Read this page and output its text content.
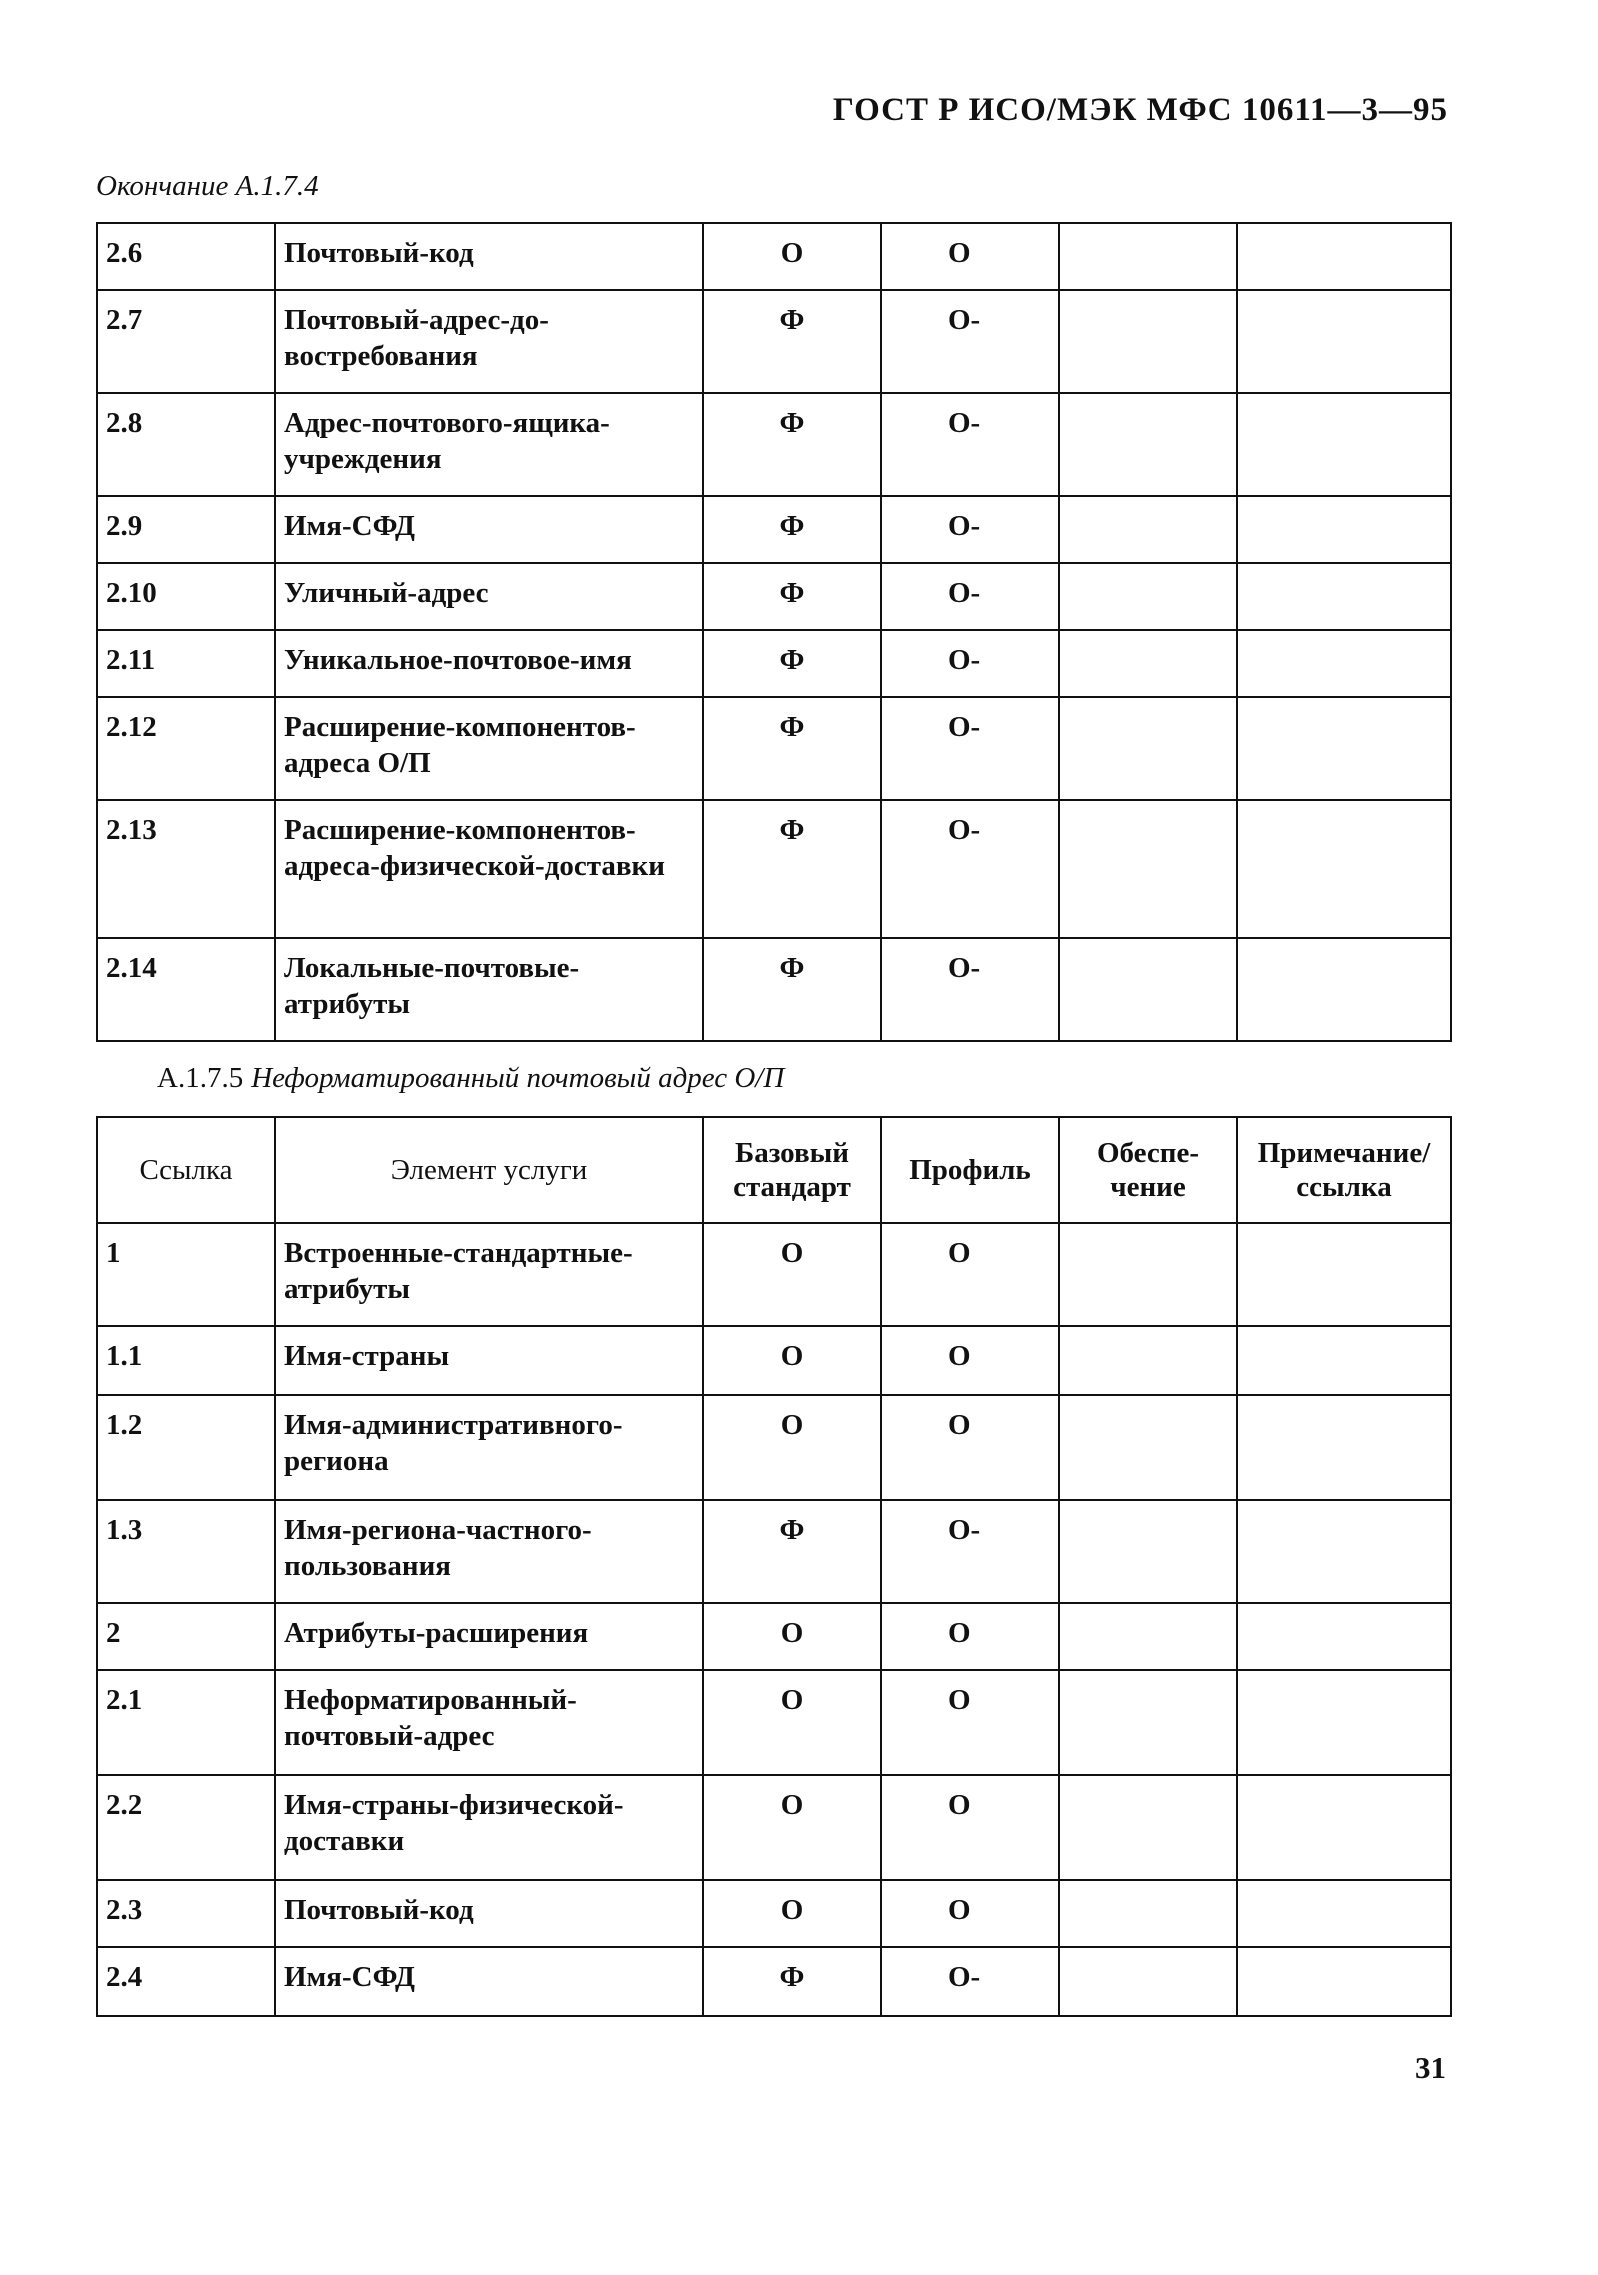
ГОСТ Р ИСО/МЭК МФС 10611—3—95
Окончание А.1.7.4
2.6	Почтовый-код	О	О		
2.7	Почтовый-адрес-до-востребования	Ф	О-		
2.8	Адрес-почтового-ящика-учреждения	Ф	О-		
2.9	Имя-СФД	Ф	О-		
2.10	Уличный-адрес	Ф	О-		
2.11	Уникальное-почтовое-имя	Ф	О-		
2.12	Расширение-компонентов-адреса О/П	Ф	О-		
2.13	Расширение-компонентов-адреса-физической-доставки	Ф	О-		
2.14	Локальные-почтовые-атрибуты	Ф	О-		
А.1.7.5 Неформатированный почтовый адрес О/П
Ссылка	Элемент услуги	Базовый стандарт	Профиль	Обеспе-чение	Примечание/ссылка
1	Встроенные-стандартные-атрибуты	О	О		
1.1	Имя-страны	О	О		
1.2	Имя-административного-региона	О	О		
1.3	Имя-региона-частного-пользования	Ф	О-		
2	Атрибуты-расширения	О	О		
2.1	Неформатированный-почтовый-адрес	О	О		
2.2	Имя-страны-физической-доставки	О	О		
2.3	Почтовый-код	О	О		
2.4	Имя-СФД	Ф	О-		
31
